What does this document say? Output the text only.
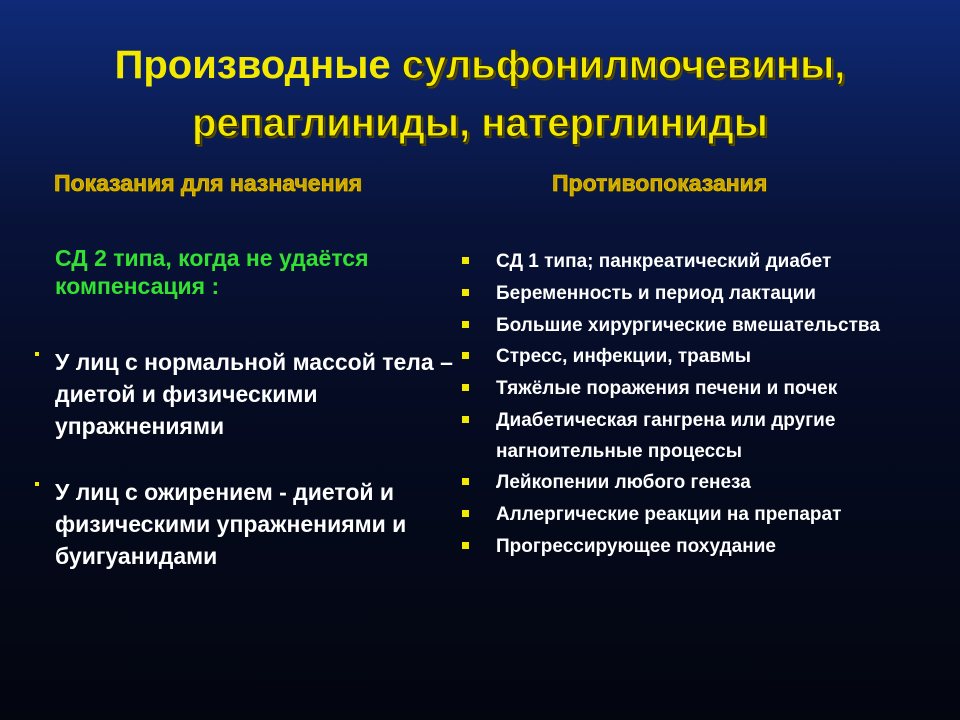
Производные сульфонилмочевины,
репаглиниды, натерглиниды
Показания для назначения	Противопоказания
СД 2 типа, когда не удаётся компенсация :
У лиц с нормальной массой тела – диетой и физическими упражнениями
У лиц с ожирением - диетой и физическими упражнениями и буигуанидами
СД 1 типа; панкреатический диабет
Беременность и период лактации
Большие хирургические вмешательства
Стресс, инфекции, травмы
Тяжёлые поражения печени и почек
Диабетическая гангрена или другие нагноительные процессы
Лейкопении любого генеза
Аллергические реакции на препарат
Прогрессирующее похудание
